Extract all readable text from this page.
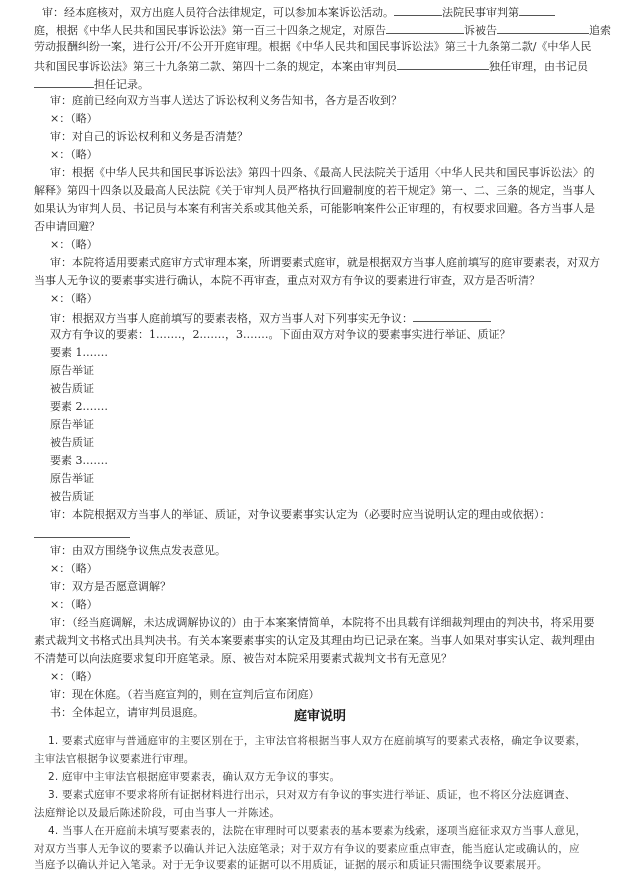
审：经本庭核对，双方出庭人员符合法律规定，可以参加本案诉讼活动。	法院民事审判第
庭，根据《中华人民共和国民事诉讼法》第一百三十四条之规定，对原告	诉被告	追索
劳动报酬纠纷一案，进行公开/不公开开庭审理。根据《中华人民共和国民事诉讼法》第三十九条第二款/《中华人民
共和国民事诉讼法》第三十九条第二款、第四十二条的规定，本案由审判员	独任审理，由书记员
担任记录。
审：庭前已经向双方当事人送达了诉讼权利义务告知书，各方是否收到？
×：（略）
审：对自己的诉讼权利和义务是否清楚？
×：（略）
审：根据《中华人民共和国民事诉讼法》第四十四条、《最高人民法院关于适用〈中华人民共和国民事诉讼法〉的
解释》第四十四条以及最高人民法院《关于审判人员严格执行回避制度的若干规定》第一、二、三条的规定，当事人
如果认为审判人员、书记员与本案有利害关系或其他关系，可能影响案件公正审理的，有权要求回避。各方当事人是
否申请回避？
×：（略）
审：本院将适用要素式庭审方式审理本案，所谓要素式庭审，就是根据双方当事人庭前填写的庭审要素表，对双方
当事人无争议的要素事实进行确认，本院不再审查，重点对双方有争议的要素进行审查，双方是否听清？
×：（略）
审：根据双方当事人庭前填写的要素表格，双方当事人对下列事实无争议：
双方有争议的要素：1.……，2.……，3.……。下面由双方对争议的要素事实进行举证、质证？
要素 1.……
原告举证
被告质证
要素 2.……
原告举证
被告质证
要素 3.……
原告举证
被告质证
审：本院根据双方当事人的举证、质证，对争议要素事实认定为（必要时应当说明认定的理由或依据）：
审：由双方围绕争议焦点发表意见。
×：（略）
审：双方是否愿意调解？
×：（略）
审：（经当庭调解，未达成调解协议的）由于本案案情简单，本院将不出具载有详细裁判理由的判决书，将采用要
素式裁判文书格式出具判决书。有关本案要素事实的认定及其理由均已记录在案。当事人如果对事实认定、裁判理由
不清楚可以向法庭要求复印开庭笔录。原、被告对本院采用要素式裁判文书有无意见？
×：（略）
审：现在休庭。（若当庭宣判的，则在宣判后宣布闭庭）
书：全体起立，请审判员退庭。	庭审说明
1. 要素式庭审与普通庭审的主要区别在于，主审法官将根据当事人双方在庭前填写的要素式表格，确定争议要素，
主审法官根据争议要素进行审理。
2. 庭审中主审法官根据庭审要素表，确认双方无争议的事实。
3. 要素式庭审不要求将所有证据材料进行出示，只对双方有争议的事实进行举证、质证，也不将区分法庭调查、
法庭辩论以及最后陈述阶段，可由当事人一并陈述。
4. 当事人在开庭前未填写要素表的，法院在审理时可以要素表的基本要素为线索，逐项当庭征求双方当事人意见，
对双方当事人无争议的要素予以确认并记入法庭笔录；对于双方有争议的要素应重点审查，能当庭认定或确认的，应
当庭予以确认并记入笔录。对于无争议要素的证据可以不用质证，证据的展示和质证只需围绕争议要素展开。
